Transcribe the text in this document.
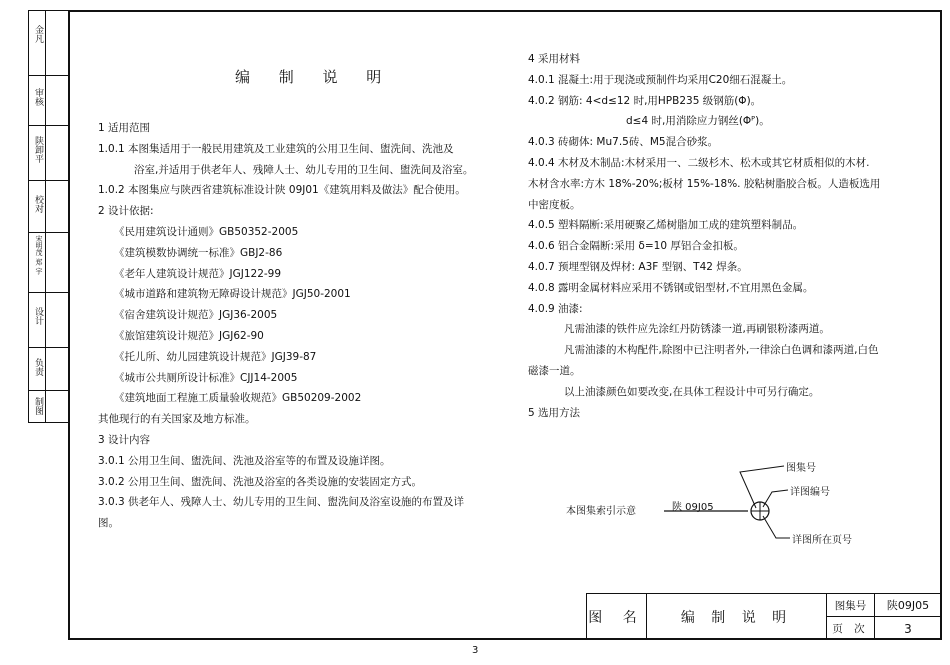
金凡
审核
陕卸平
校对
宋明茂 郑 宇
设计
负责
制图
编 制 说 明
1 适用范围
1.0.1 本图集适用于一般民用建筑及工业建筑的公用卫生间、盥洗间、洗池及
浴室,并适用于供老年人、残障人士、幼儿专用的卫生间、盥洗间及浴室。
1.0.2 本图集应与陕西省建筑标准设计陕 09J01《建筑用料及做法》配合使用。
2 设计依据:
《民用建筑设计通则》GB50352-2005
《建筑模数协调统一标准》GBJ2-86
《老年人建筑设计规范》JGJ122-99
《城市道路和建筑物无障碍设计规范》JGJ50-2001
《宿舍建筑设计规范》JGJ36-2005
《旅馆建筑设计规范》JGJ62-90
《托儿所、幼儿园建筑设计规范》JGJ39-87
《城市公共厕所设计标准》CJJ14-2005
《建筑地面工程施工质量验收规范》GB50209-2002
其他现行的有关国家及地方标准。
3 设计内容
3.0.1 公用卫生间、盥洗间、洗池及浴室等的布置及设施详图。
3.0.2 公用卫生间、盥洗间、洗池及浴室的各类设施的安装固定方式。
3.0.3 供老年人、残障人士、幼儿专用的卫生间、盥洗间及浴室设施的布置及详
图。
4 采用材料
4.0.1 混凝土:用于现浇或预制件均采用C20细石混凝土。
4.0.2 钢筋: 4<d≤12 时,用HPB235 级钢筋(Φ)。
d≤4 时,用消除应力钢丝(Φᴾ)。
4.0.3 砖砌体: Mu7.5砖、M5混合砂浆。
4.0.4 木材及木制品:木材采用一、二级杉木、松木或其它材质相似的木材.
木材含水率:方木 18%-20%;板材 15%-18%. 胶粘树脂胶合板。人造板选用
中密度板。
4.0.5 塑料隔断:采用硬聚乙烯树脂加工成的建筑塑料制品。
4.0.6 铝合金隔断:采用 δ=10 厚铝合金扣板。
4.0.7 预埋型钢及焊材: A3F 型钢、T42 焊条。
4.0.8 露明金属材料应采用不锈钢或铝型材,不宜用黑色金属。
4.0.9 油漆:
凡需油漆的铁件应先涂红丹防锈漆一道,再刷银粉漆两道。
凡需油漆的木构配件,除图中已注明者外,一律涂白色调和漆两道,白色
磁漆一道。
以上油漆颜色如要改变,在具体工程设计中可另行确定。
5 选用方法
图集号
详图编号
详图所在页号
本图集索引示意	陕 09J05
图 名	编 制 说 明
图集号	陕09J05
页 次	3
3
